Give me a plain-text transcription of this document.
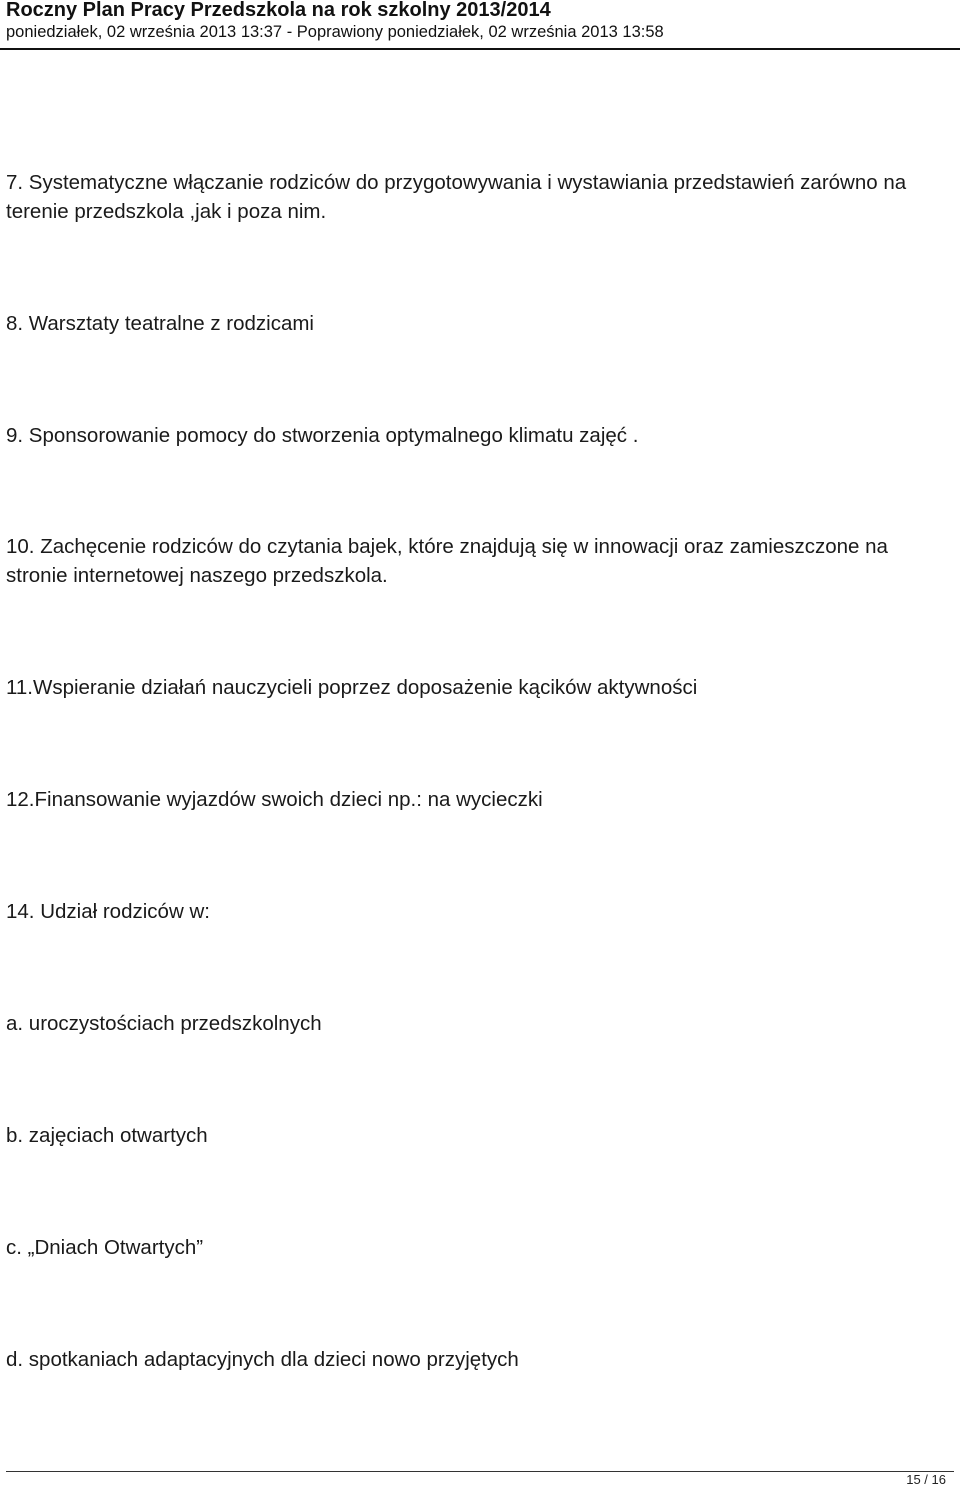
Roczny Plan Pracy Przedszkola na rok szkolny 2013/2014
poniedziałek, 02 września 2013 13:37 - Poprawiony poniedziałek, 02 września 2013 13:58
7. Systematyczne włączanie rodziców do przygotowywania i wystawiania przedstawień zarówno na terenie przedszkola ,jak i poza nim.
8. Warsztaty teatralne z rodzicami
9. Sponsorowanie pomocy do stworzenia optymalnego klimatu zajęć .
10. Zachęcenie rodziców do czytania bajek, które znajdują się w innowacji oraz zamieszczone na stronie internetowej naszego przedszkola.
11.Wspieranie działań nauczycieli poprzez doposażenie kącików aktywności
12.Finansowanie wyjazdów swoich dzieci np.: na wycieczki
14. Udział rodziców w:
a. uroczystościach przedszkolnych
b. zajęciach otwartych
c. „Dniach Otwartych”
d. spotkaniach adaptacyjnych dla dzieci nowo przyjętych
15 / 16
